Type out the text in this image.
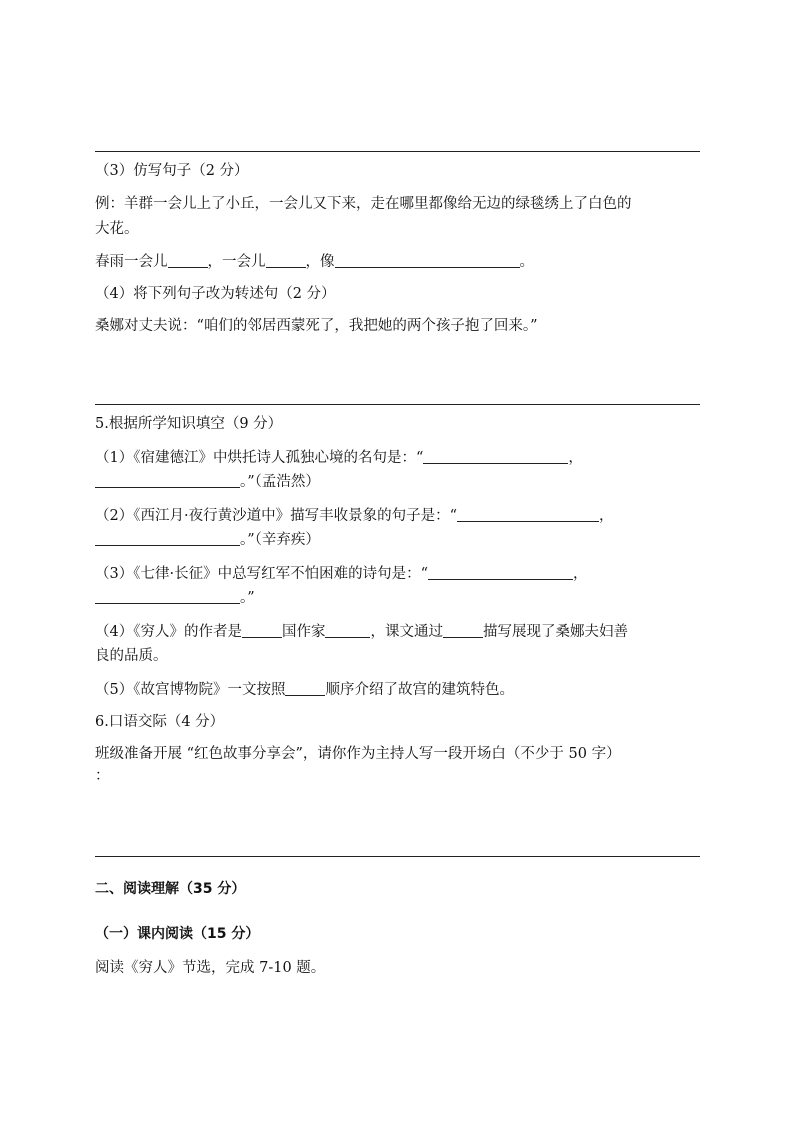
（3）仿写句子（2 分）
例：羊群一会儿上了小丘，一会儿又下来，走在哪里都像给无边的绿毯绣上了白色的
大花。
春雨一会儿	，一会儿	，像	。
（4）将下列句子改为转述句（2 分）
桑娜对丈夫说：“咱们的邻居西蒙死了，我把她的两个孩子抱了回来。”
5.根据所学知识填空（9 分）
（1）《宿建德江》中烘托诗人孤独心境的名句是：“	，
。”（孟浩然）
（2）《西江月·夜行黄沙道中》描写丰收景象的句子是：“	，
。”（辛弃疾）
（3）《七律·长征》中总写红军不怕困难的诗句是：“	，
。”
（4）《穷人》的作者是	国作家	，课文通过	描写展现了桑娜夫妇善
良的品质。
（5）《故宫博物院》一文按照	顺序介绍了故宫的建筑特色。
6.口语交际（4 分）
班级准备开展 “红色故事分享会”，请你作为主持人写一段开场白（不少于 50 字）
：
二、阅读理解（35 分）
（一）课内阅读（15 分）
阅读《穷人》节选，完成 7-10 题。
